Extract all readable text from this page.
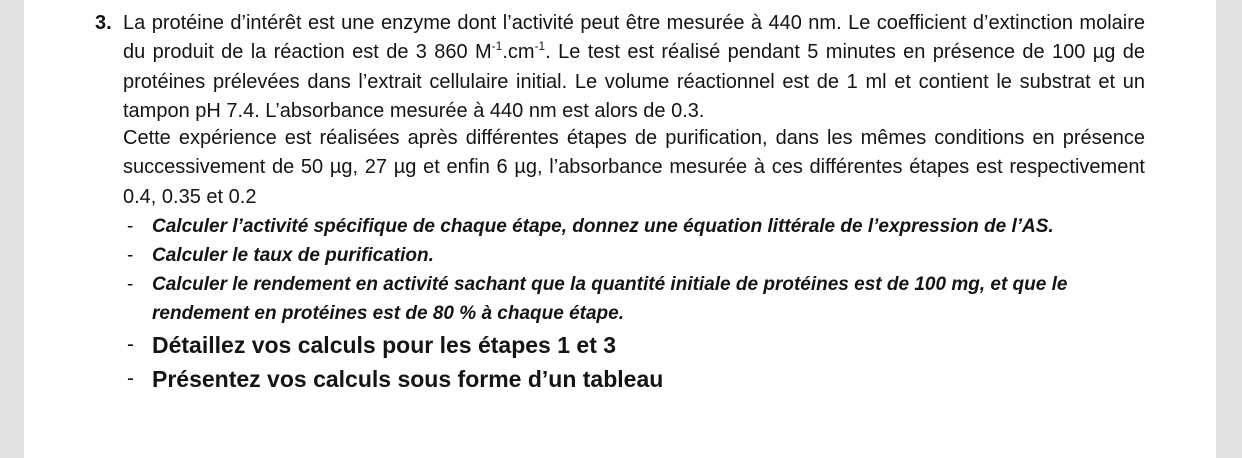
3. La protéine d’intérêt est une enzyme dont l’activité peut être mesurée à 440 nm. Le coefficient d’extinction molaire du produit de la réaction est de 3 860 $M^{-1}.cm^{-1}$. Le test est réalisé pendant 5 minutes en présence de 100 µg de protéines prélevées dans l’extrait cellulaire initial. Le volume réactionnel est de 1 ml et contient le substrat et un tampon pH 7.4. L’absorbance mesurée à 440 nm est alors de 0.3.

Cette expérience est réalisées après différentes étapes de purification, dans les mêmes conditions en présence successivement de 50 µg, 27 µg et enfin 6 µg, l’absorbance mesurée à ces différentes étapes est respectivement 0.4, 0.35 et 0.2

- Calculer l’activité spécifique de chaque étape, donnez une équation littérale de l’expression de l’AS.
- Calculer le taux de purification.
- Calculer le rendement en activité sachant que la quantité initiale de protéines est de 100 mg, et que le rendement en protéines est de 80 % à chaque étape.
- Détaillez vos calculs pour les étapes 1 et 3
- Présentez vos calculs sous forme d’un tableau
